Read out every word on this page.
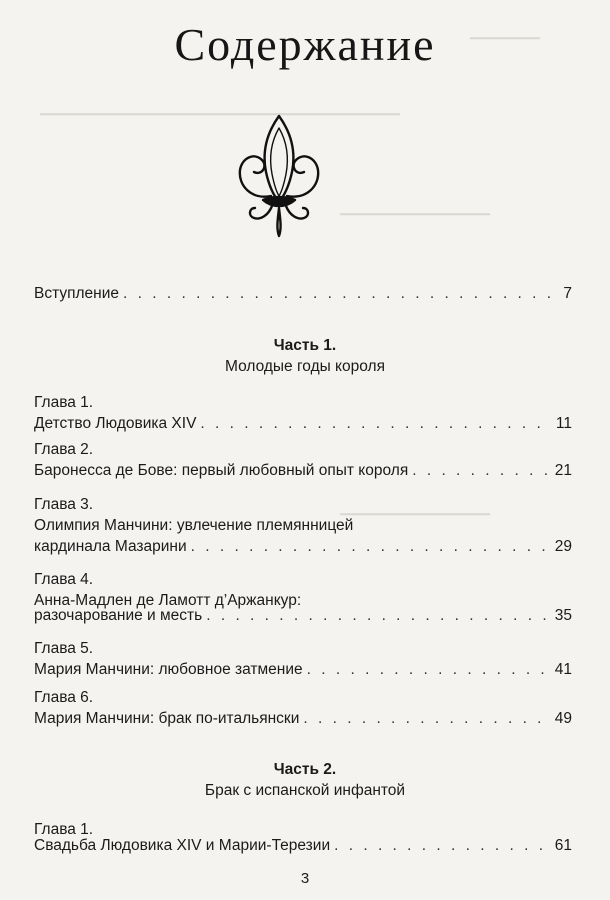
▁▁▁▁▁▁▁
▁▁▁▁▁▁▁▁▁▁▁▁▁▁▁▁▁▁▁▁▁▁▁▁▁▁▁▁▁▁▁▁▁▁▁▁
▁▁▁▁▁▁▁▁▁▁▁▁▁▁▁
▁▁▁▁▁▁▁▁▁▁▁▁▁▁▁
Содержание
Вступление . . .	7
Часть 1.
Молодые годы короля
Глава 1.
Детство Людовика XIV . . .	11
Глава 2.
Баронесса де Бове: первый любовный опыт короля . . .	21
Глава 3.
Олимпия Манчини: увлечение племянницей
кардинала Мазарини . . .	29
Глава 4.
Анна-Мадлен де Ламотт д’Аржанкур:
разочарование и месть . . .	35
Глава 5.
Мария Манчини: любовное затмение . . .	41
Глава 6.
Мария Манчини: брак по-итальянски . . .	49
Часть 2.
Брак с испанской инфантой
Глава 1.
Свадьба Людовика XIV и Марии-Терезии . . .	61
3
